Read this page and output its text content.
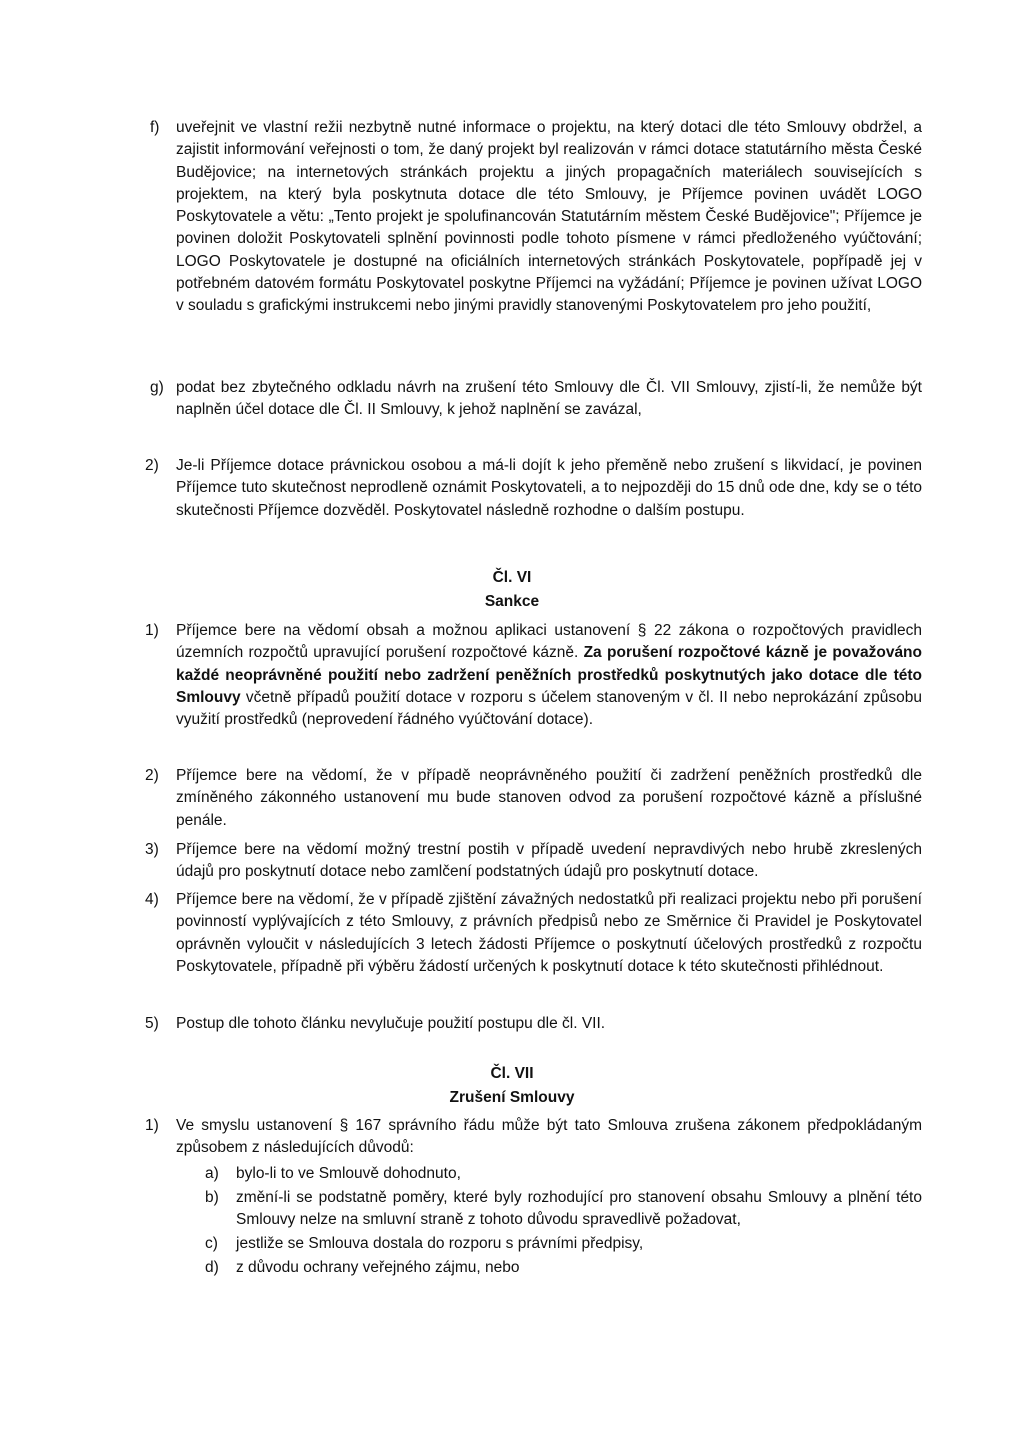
f) uveřejnit ve vlastní režii nezbytně nutné informace o projektu, na který dotaci dle této Smlouvy obdržel, a zajistit informování veřejnosti o tom, že daný projekt byl realizován v rámci dotace statutárního města České Budějovice; na internetových stránkách projektu a jiných propagačních materiálech souvisejících s projektem, na který byla poskytnuta dotace dle této Smlouvy, je Příjemce povinen uvádět LOGO Poskytovatele a větu: „Tento projekt je spolufinancován Statutárním městem České Budějovice"; Příjemce je povinen doložit Poskytovateli splnění povinnosti podle tohoto písmene v rámci předloženého vyúčtování; LOGO Poskytovatele je dostupné na oficiálních internetových stránkách Poskytovatele, popřípadě jej v potřebném datovém formátu Poskytovatel poskytne Příjemci na vyžádání; Příjemce je povinen užívat LOGO v souladu s grafickými instrukcemi nebo jinými pravidly stanovenými Poskytovatelem pro jeho použití,

g) podat bez zbytečného odkladu návrh na zrušení této Smlouvy dle Čl. VII Smlouvy, zjistí-li, že nemůže být naplněn účel dotace dle Čl. II Smlouvy, k jehož naplnění se zavázal,

2) Je-li Příjemce dotace právnickou osobou a má-li dojít k jeho přeměně nebo zrušení s likvidací, je povinen Příjemce tuto skutečnost neprodleně oznámit Poskytovateli, a to nejpozději do 15 dnů ode dne, kdy se o této skutečnosti Příjemce dozvěděl. Poskytovatel následně rozhodne o dalším postupu.

Čl. VI
Sankce
1) Příjemce bere na vědomí obsah a možnou aplikaci ustanovení § 22 zákona o rozpočtových pravidlech územních rozpočtů upravující porušení rozpočtové kázně. Za porušení rozpočtové kázně je považováno každé neoprávněné použití nebo zadržení peněžních prostředků poskytnutých jako dotace dle této Smlouvy včetně případů použití dotace v rozporu s účelem stanoveným v čl. II nebo neprokázání způsobu využití prostředků (neprovedení řádného vyúčtování dotace).

2) Příjemce bere na vědomí, že v případě neoprávněného použití či zadržení peněžních prostředků dle zmíněného zákonného ustanovení mu bude stanoven odvod za porušení rozpočtové kázně a příslušné penále.

3) Příjemce bere na vědomí možný trestní postih v případě uvedení nepravdivých nebo hrubě zkreslených údajů pro poskytnutí dotace nebo zamlčení podstatných údajů pro poskytnutí dotace.

4) Příjemce bere na vědomí, že v případě zjištění závažných nedostatků při realizaci projektu nebo při porušení povinností vyplývajících z této Smlouvy, z právních předpisů nebo ze Směrnice či Pravidel je Poskytovatel oprávněn vyloučit v následujících 3 letech žádosti Příjemce o poskytnutí účelových prostředků z rozpočtu Poskytovatele, případně při výběru žádostí určených k poskytnutí dotace k této skutečnosti přihlédnout.

5) Postup dle tohoto článku nevylučuje použití postupu dle čl. VII.

Čl. VII
Zrušení Smlouvy
1) Ve smyslu ustanovení § 167 správního řádu může být tato Smlouva zrušena zákonem předpokládaným způsobem z následujících důvodů:

a) bylo-li to ve Smlouvě dohodnuto,

b) změní-li se podstatně poměry, které byly rozhodující pro stanovení obsahu Smlouvy a plnění této Smlouvy nelze na smluvní straně z tohoto důvodu spravedlivě požadovat,

c) jestliže se Smlouva dostala do rozporu s právními předpisy,

d) z důvodu ochrany veřejného zájmu, nebo
